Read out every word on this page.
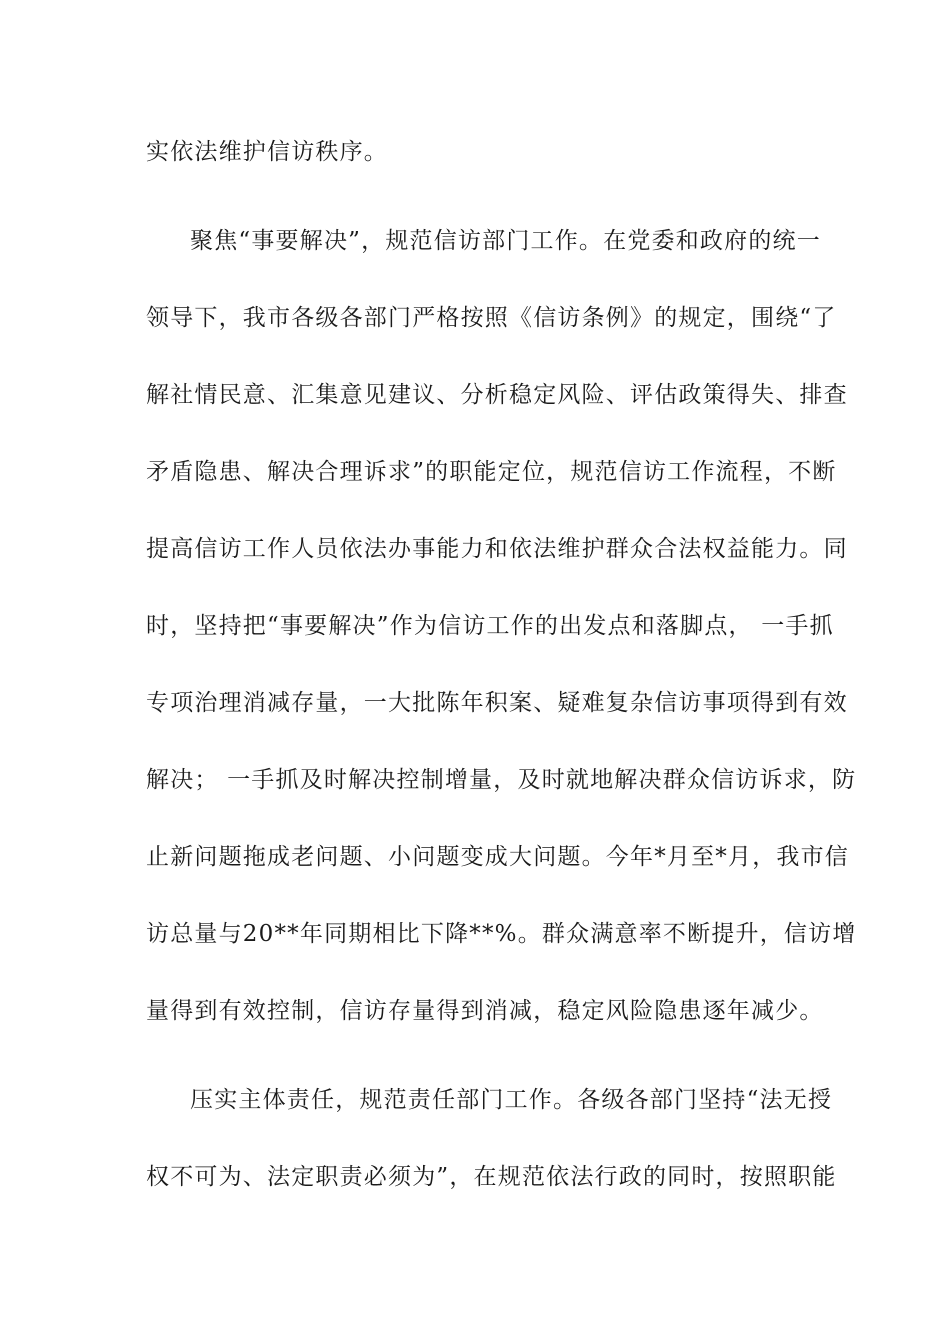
实依法维护信访秩序。
聚焦“事要解决”，规范信访部门工作。在党委和政府的统一
领导下，我市各级各部门严格按照《信访条例》的规定，围绕“了
解社情民意、汇集意见建议、分析稳定风险、评估政策得失、排查
矛盾隐患、解决合理诉求”的职能定位，规范信访工作流程，不断
提高信访工作人员依法办事能力和依法维护群众合法权益能力。同
时，坚持把“事要解决”作为信访工作的出发点和落脚点， 一手抓
专项治理消减存量，一大批陈年积案、疑难复杂信访事项得到有效
解决； 一手抓及时解决控制增量，及时就地解决群众信访诉求，防
止新问题拖成老问题、小问题变成大问题。今年*月至*月，我市信
访总量与20**年同期相比下降**%。群众满意率不断提升，信访增
量得到有效控制，信访存量得到消减，稳定风险隐患逐年减少。
压实主体责任，规范责任部门工作。各级各部门坚持“法无授
权不可为、法定职责必须为”，在规范依法行政的同时，按照职能
